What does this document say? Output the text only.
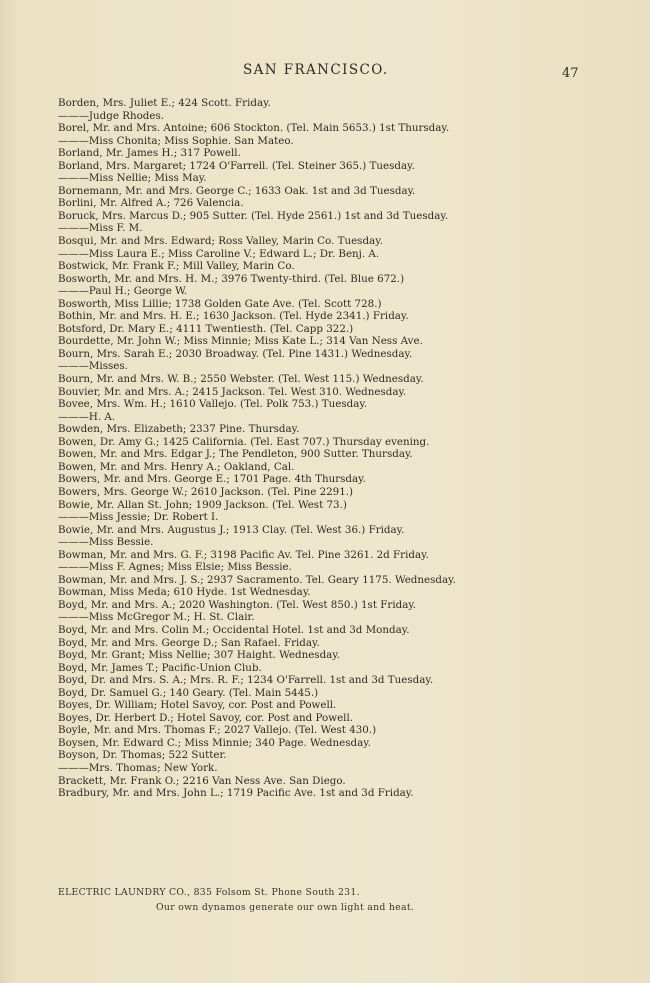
SAN FRANCISCO.	47
Borden, Mrs. Juliet E.; 424 Scott. Friday.
———Judge Rhodes.
Borel, Mr. and Mrs. Antoine; 606 Stockton. (Tel. Main 5653.) 1st Thursday.
———Miss Chonita; Miss Sophie. San Mateo.
Borland, Mr. James H.; 317 Powell.
Borland, Mrs. Margaret; 1724 O'Farrell. (Tel. Steiner 365.) Tuesday.
———Miss Nellie; Miss May.
Bornemann, Mr. and Mrs. George C.; 1633 Oak. 1st and 3d Tuesday.
Borlini, Mr. Alfred A.; 726 Valencia.
Boruck, Mrs. Marcus D.; 905 Sutter. (Tel. Hyde 2561.) 1st and 3d Tuesday.
———Miss F. M.
Bosqui, Mr. and Mrs. Edward; Ross Valley, Marin Co. Tuesday.
———Miss Laura E.; Miss Caroline V.; Edward L.; Dr. Benj. A.
Bostwick, Mr. Frank F.; Mill Valley, Marin Co.
Bosworth, Mr. and Mrs. H. M.; 3976 Twenty-third. (Tel. Blue 672.)
———Paul H.; George W.
Bosworth, Miss Lillie; 1738 Golden Gate Ave. (Tel. Scott 728.)
Bothin, Mr. and Mrs. H. E.; 1630 Jackson. (Tel. Hyde 2341.) Friday.
Botsford, Dr. Mary E.; 4111 Twentiesth. (Tel. Capp 322.)
Bourdette, Mr. John W.; Miss Minnie; Miss Kate L.; 314 Van Ness Ave.
Bourn, Mrs. Sarah E.; 2030 Broadway. (Tel. Pine 1431.) Wednesday.
———Misses.
Bourn, Mr. and Mrs. W. B.; 2550 Webster. (Tel. West 115.) Wednesday.
Bouvier, Mr. and Mrs. A.; 2415 Jackson. Tel. West 310. Wednesday.
Bovee, Mrs. Wm. H.; 1610 Vallejo. (Tel. Polk 753.) Tuesday.
———H. A.
Bowden, Mrs. Elizabeth; 2337 Pine. Thursday.
Bowen, Dr. Amy G.; 1425 California. (Tel. East 707.) Thursday evening.
Bowen, Mr. and Mrs. Edgar J.; The Pendleton, 900 Sutter. Thursday.
Bowen, Mr. and Mrs. Henry A.; Oakland, Cal.
Bowers, Mr. and Mrs. George E.; 1701 Page. 4th Thursday.
Bowers, Mrs. George W.; 2610 Jackson. (Tel. Pine 2291.)
Bowie, Mr. Allan St. John; 1909 Jackson. (Tel. West 73.)
———Miss Jessie; Dr. Robert I.
Bowie, Mr. and Mrs. Augustus J.; 1913 Clay. (Tel. West 36.) Friday.
———Miss Bessie.
Bowman, Mr. and Mrs. G. F.; 3198 Pacific Av. Tel. Pine 3261. 2d Friday.
———Miss F. Agnes; Miss Elsie; Miss Bessie.
Bowman, Mr. and Mrs. J. S.; 2937 Sacramento. Tel. Geary 1175. Wednesday.
Bowman, Miss Meda; 610 Hyde. 1st Wednesday.
Boyd, Mr. and Mrs. A.; 2020 Washington. (Tel. West 850.) 1st Friday.
———Miss McGregor M.; H. St. Clair.
Boyd, Mr. and Mrs. Colin M.; Occidental Hotel. 1st and 3d Monday.
Boyd, Mr. and Mrs. George D.; San Rafael. Friday.
Boyd, Mr. Grant; Miss Nellie; 307 Haight. Wednesday.
Boyd, Mr. James T.; Pacific-Union Club.
Boyd, Dr. and Mrs. S. A.; Mrs. R. F.; 1234 O'Farrell. 1st and 3d Tuesday.
Boyd, Dr. Samuel G.; 140 Geary. (Tel. Main 5445.)
Boyes, Dr. William; Hotel Savoy, cor. Post and Powell.
Boyes, Dr. Herbert D.; Hotel Savoy, cor. Post and Powell.
Boyle, Mr. and Mrs. Thomas F.; 2027 Vallejo. (Tel. West 430.)
Boysen, Mr. Edward C.; Miss Minnie; 340 Page. Wednesday.
Boyson, Dr. Thomas; 522 Sutter.
———Mrs. Thomas; New York.
Brackett, Mr. Frank O.; 2216 Van Ness Ave. San Diego.
Bradbury, Mr. and Mrs. John L.; 1719 Pacific Ave. 1st and 3d Friday.
ELECTRIC LAUNDRY CO., 835 Folsom St. Phone South 231.
Our own dynamos generate our own light and heat.
